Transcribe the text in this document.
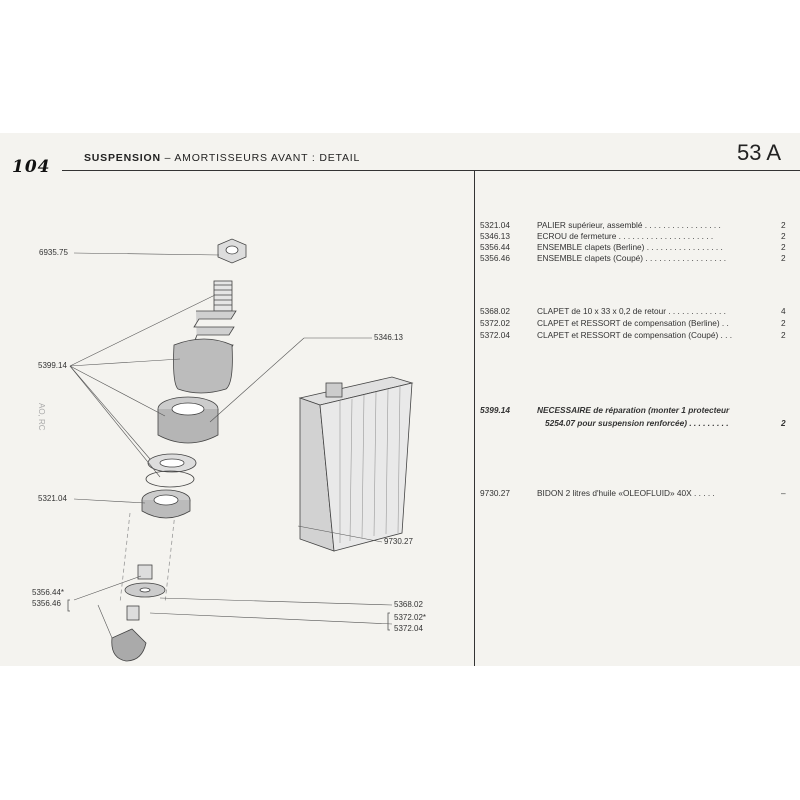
104	SUSPENSION – AMORTISSEURS AVANT : DETAIL	53 A
AO, RC
6935.75
5346.13
5399.14
5321.04
9730.27
5356.44*
5356.46	5368.02
5372.02*
5372.04
5321.04	PALIER supérieur, assemblé . . . . . . . . . . . . . . . . .	2
5346.13	ECROU de fermeture . . . . . . . . . . . . . . . . . . . . .	2
5356.44	ENSEMBLE clapets (Berline) . . . . . . . . . . . . . . . . .	2
5356.46	ENSEMBLE clapets (Coupé) . . . . . . . . . . . . . . . . . .	2
5368.02	CLAPET de 10 x 33 x 0,2 de retour . . . . . . . . . . . . .	4
5372.02	CLAPET et RESSORT de compensation (Berline) . .	2
5372.04	CLAPET et RESSORT de compensation (Coupé) . . .	2
5399.14	NECESSAIRE de réparation (monter 1 protecteur
5254.07 pour suspension renforcée) . . . . . . . . .	2
9730.27	BIDON 2 litres d'huile «OLEOFLUID» 40X . . . . .	–
